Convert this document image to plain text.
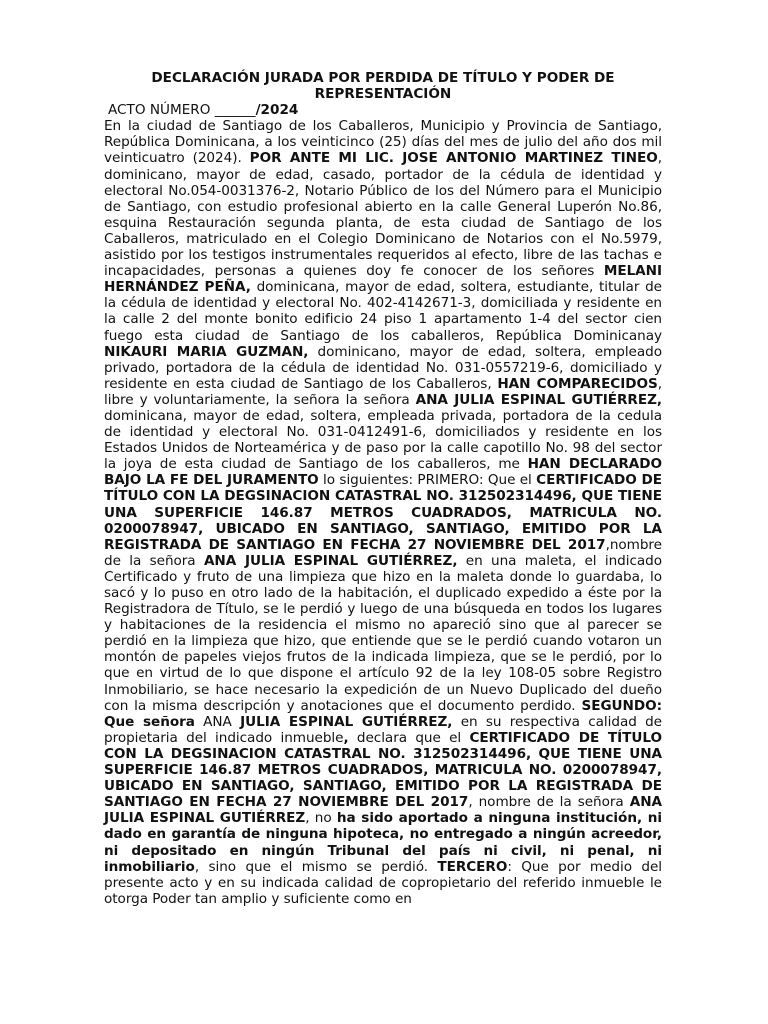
DECLARACIÓN JURADA POR PERDIDA DE TÍTULO Y PODER DE REPRESENTACIÓN

ACTO NÚMERO ______/2024

En la ciudad de Santiago de los Caballeros, Municipio y Provincia de Santiago, República Dominicana, a los veinticinco (25) días del mes de julio del año dos mil veinticuatro (2024). POR ANTE MI LIC. JOSE ANTONIO MARTINEZ TINEO, dominicano, mayor de edad, casado, portador de la cédula de identidad y electoral No.054-0031376-2, Notario Público de los del Número para el Municipio de Santiago, con estudio profesional abierto en la calle General Luperón No.86, esquina Restauración segunda planta, de esta ciudad de Santiago de los Caballeros, matriculado en el Colegio Dominicano de Notarios con el No.5979, asistido por los testigos instrumentales requeridos al efecto, libre de las tachas e incapacidades, personas a quienes doy fe conocer de los señores MELANI HERNÁNDEZ PEÑA, dominicana, mayor de edad, soltera, estudiante, titular de la cédula de identidad y electoral No. 402-4142671-3, domiciliada y residente en la calle 2 del monte bonito edificio 24 piso 1 apartamento 1-4 del sector cien fuego esta ciudad de Santiago de los caballeros, República Dominicanay NIKAURI MARIA GUZMAN, dominicano, mayor de edad, soltera, empleado privado, portadora de la cédula de identidad No. 031-0557219-6, domiciliado y residente en esta ciudad de Santiago de los Caballeros, HAN COMPARECIDOS, libre y voluntariamente, la señora la señora ANA JULIA ESPINAL GUTIÉRREZ, dominicana, mayor de edad, soltera, empleada privada, portadora de la cedula de identidad y electoral No. 031-0412491-6, domiciliados y residente en los Estados Unidos de Norteamérica y de paso por la calle capotillo No. 98 del sector la joya de esta ciudad de Santiago de los caballeros, me HAN DECLARADO BAJO LA FE DEL JURAMENTO lo siguientes: PRIMERO: Que el CERTIFICADO DE TÍTULO CON LA DEGSINACION CATASTRAL NO. 312502314496, QUE TIENE UNA SUPERFICIE 146.87 METROS CUADRADOS, MATRICULA NO. 0200078947, UBICADO EN SANTIAGO, SANTIAGO, EMITIDO POR LA REGISTRADA DE SANTIAGO EN FECHA 27 NOVIEMBRE DEL 2017,nombre de la señora ANA JULIA ESPINAL GUTIÉRREZ, en una maleta, el indicado Certificado y fruto de una limpieza que hizo en la maleta donde lo guardaba, lo sacó y lo puso en otro lado de la habitación, el duplicado expedido a éste por la Registradora de Título, se le perdió y luego de una búsqueda en todos los lugares y habitaciones de la residencia el mismo no apareció sino que al parecer se perdió en la limpieza que hizo, que entiende que se le perdió cuando votaron un montón de papeles viejos frutos de la indicada limpieza, que se le perdió, por lo que en virtud de lo que dispone el artículo 92 de la ley 108-05 sobre Registro Inmobiliario, se hace necesario la expedición de un Nuevo Duplicado del dueño con la misma descripción y anotaciones que el documento perdido. SEGUNDO: Que señora ANA JULIA ESPINAL GUTIÉRREZ, en su respectiva calidad de propietaria del indicado inmueble, declara que el CERTIFICADO DE TÍTULO CON LA DEGSINACION CATASTRAL NO. 312502314496, QUE TIENE UNA SUPERFICIE 146.87 METROS CUADRADOS, MATRICULA NO. 0200078947, UBICADO EN SANTIAGO, SANTIAGO, EMITIDO POR LA REGISTRADA DE SANTIAGO EN FECHA 27 NOVIEMBRE DEL 2017, nombre de la señora ANA JULIA ESPINAL GUTIÉRREZ, no ha sido aportado a ninguna institución, ni dado en garantía de ninguna hipoteca, no entregado a ningún acreedor, ni depositado en ningún Tribunal del país ni civil, ni penal, ni inmobiliario, sino que el mismo se perdió. TERCERO: Que por medio del presente acto y en su indicada calidad de copropietario del referido inmueble le otorga Poder tan amplio y suficiente como en
